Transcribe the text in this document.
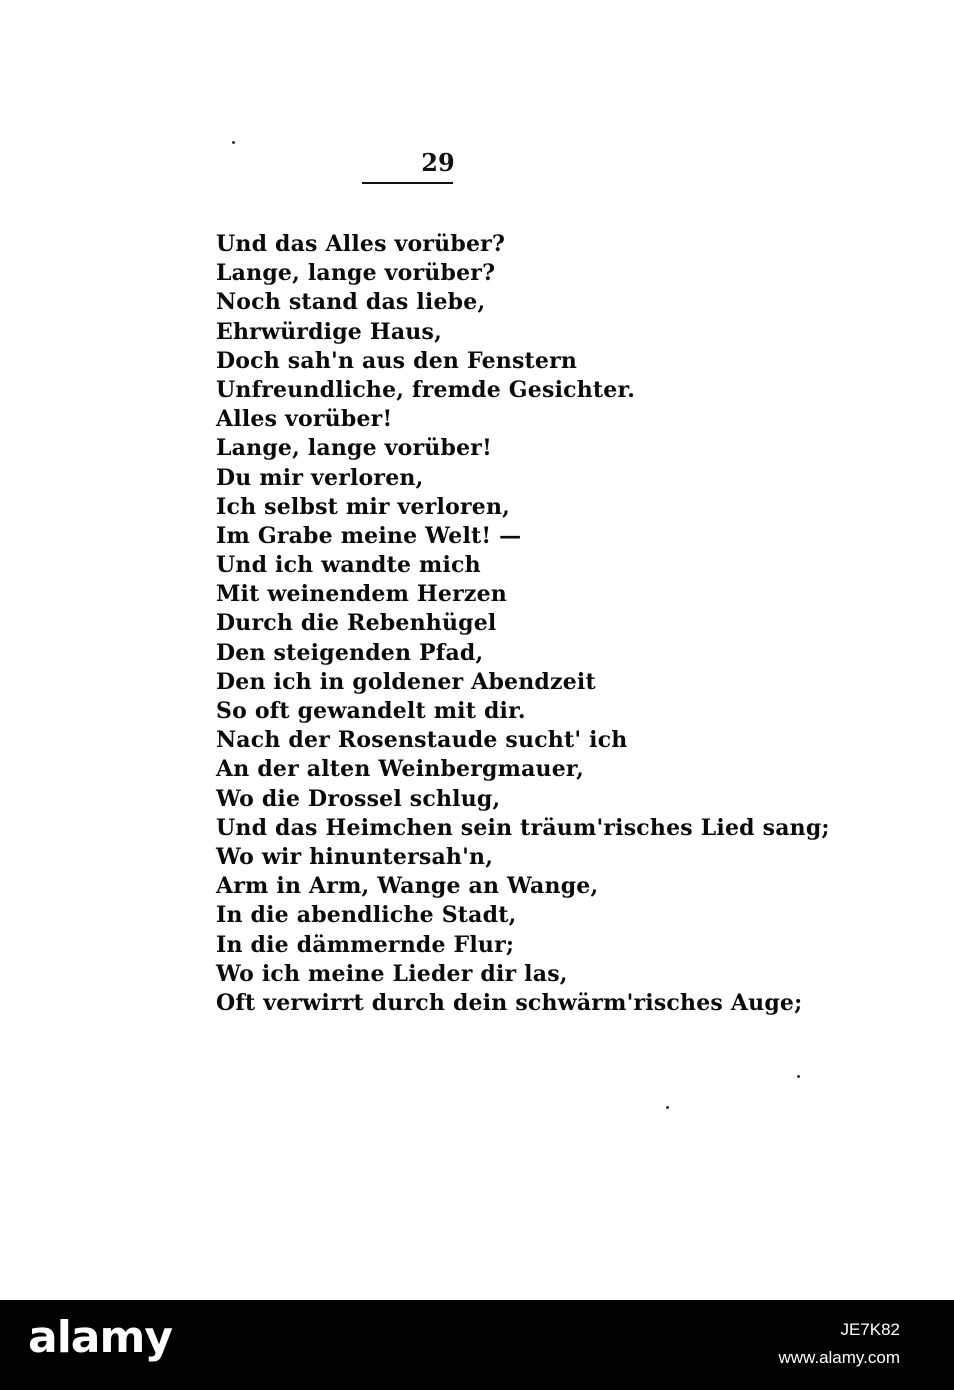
29
Und das Alles vorüber?
Lange, lange vorüber?
Noch stand das liebe,
Ehrwürdige Haus,
Doch sah'n aus den Fenstern
Unfreundliche, fremde Gesichter.
Alles vorüber!
Lange, lange vorüber!
Du mir verloren,
Ich selbst mir verloren,
Im Grabe meine Welt! —
Und ich wandte mich
Mit weinendem Herzen
Durch die Rebenhügel
Den steigenden Pfad,
Den ich in goldener Abendzeit
So oft gewandelt mit dir.
Nach der Rosenstaude sucht' ich
An der alten Weinbergmauer,
Wo die Drossel schlug,
Und das Heimchen sein träum'risches Lied sang;
Wo wir hinuntersah'n,
Arm in Arm, Wange an Wange,
In die abendliche Stadt,
In die dämmernde Flur;
Wo ich meine Lieder dir las,
Oft verwirrt durch dein schwärm'risches Auge;
alamy	JE7K82
www.alamy.com
